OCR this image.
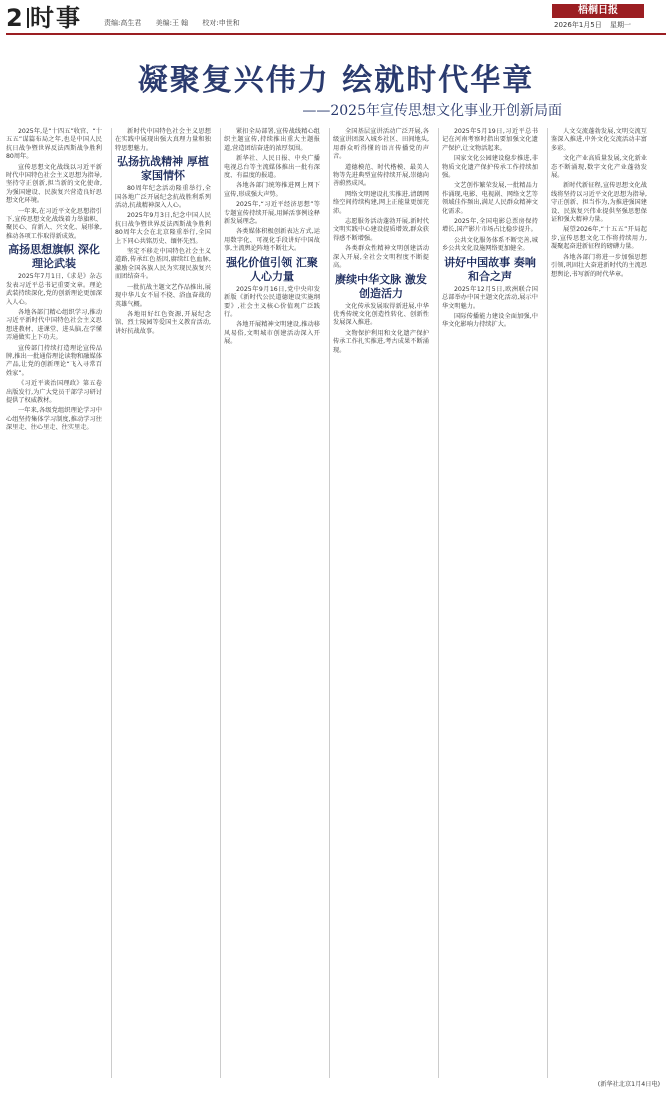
2 时事	责编:高生君 美编:王 翰 校对:申世和
梧桐日报
2026年1月5日 星期一
凝聚复兴伟力 绘就时代华章
——2025年宣传思想文化事业开创新局面

2025年,是“十四五”收官、“十五五”谋篇布局之年,也是中国人民抗日战争暨世界反法西斯战争胜利80周年。

宣传思想文化战线以习近平新时代中国特色社会主义思想为指导,坚持守正创新,担当新的文化使命,为强国建设、民族复兴营造良好思想文化环境。

一年来,在习近平文化思想指引下,宣传思想文化战线着力举旗帜、聚民心、育新人、兴文化、展形象,推动各项工作取得新成效。

高扬思想旗帜 深化理论武装

2025年7月1日,《求是》杂志发表习近平总书记重要文章。理论武装持续深化,党的创新理论更加深入人心。

各地各部门精心组织学习,推动习近平新时代中国特色社会主义思想进教材、进课堂、进头脑,在学懂弄通做实上下功夫。

宣传部门持续打造理论宣传品牌,推出一批通俗理论读物和融媒体产品,让党的创新理论“飞入寻常百姓家”。

《习近平谈治国理政》第五卷出版发行,为广大党员干部学习研讨提供了权威教材。

一年来,各级党组织理论学习中心组坚持集体学习制度,推动学习往深里走、往心里走、往实里走。

新时代中国特色社会主义思想在实践中展现出强大真理力量和独特思想魅力。

弘扬抗战精神 厚植家国情怀

80周年纪念活动隆重举行,全国各地广泛开展纪念抗战胜利系列活动,抗战精神深入人心。

2025年9月3日,纪念中国人民抗日战争暨世界反法西斯战争胜利80周年大会在北京隆重举行,全国上下同心共铭历史、缅怀先烈。

坚定不移走中国特色社会主义道路,传承红色基因,赓续红色血脉,激励全国各族人民为实现民族复兴而团结奋斗。

一批抗战主题文艺作品推出,展现中华儿女不屈不挠、浴血奋战的英雄气概。

各地用好红色资源,开展纪念馆、烈士陵园等爱国主义教育活动,讲好抗战故事。

紧扣全局部署,宣传战线精心组织主题宣传,持续推出重大主题报道,营造团结奋进的浓厚氛围。

新华社、人民日报、中央广播电视总台等主流媒体推出一批有深度、有温度的报道。

各地各部门统筹推进网上网下宣传,形成强大声势。

2025年,“习近平经济思想”等专题宣传持续开展,用鲜活事例诠释新发展理念。

各类媒体积极创新表达方式,运用数字化、可视化手段讲好中国故事,主流舆论阵地不断壮大。

强化价值引领 汇聚人心力量

2025年9月16日,党中央印发新版《新时代公民道德建设实施纲要》,社会主义核心价值观广泛践行。

各地开展精神文明建设,推动移风易俗,文明城市创建活动深入开展。

全国基层宣讲活动广泛开展,各级宣讲团深入城乡社区、田间地头,用群众听得懂的语言传播党的声音。

道德模范、时代楷模、最美人物等先进典型宣传持续开展,崇德向善蔚然成风。

网络文明建设扎实推进,清朗网络空间持续构建,网上正能量更加充沛。

志愿服务活动蓬勃开展,新时代文明实践中心建设提质增效,群众获得感不断增强。

各类群众性精神文明创建活动深入开展,全社会文明程度不断提高。

赓续中华文脉 激发创造活力

文化传承发展取得新进展,中华优秀传统文化创造性转化、创新性发展深入推进。

文物保护利用和文化遗产保护传承工作扎实推进,考古成果不断涌现。

2025年5月19日,习近平总书记在河南考察时指出要加强文化遗产保护,让文物活起来。

国家文化公园建设稳步推进,非物质文化遗产保护传承工作持续加强。

文艺创作繁荣发展,一批精品力作涌现,电影、电视剧、网络文艺等领域佳作频出,满足人民群众精神文化需求。

2025年,全国电影总票房保持增长,国产影片市场占比稳步提升。

公共文化服务体系不断完善,城乡公共文化设施网络更加健全。

讲好中国故事 奏响和合之声

2025年12月5日,欧洲联合国总部举办中国主题文化活动,展示中华文明魅力。

国际传播能力建设全面加强,中华文化影响力持续扩大。

人文交流蓬勃发展,文明交流互鉴深入推进,中外文化交流活动丰富多彩。

文化产业高质量发展,文化新业态不断涌现,数字文化产业蓬勃发展。

新时代新征程,宣传思想文化战线将坚持以习近平文化思想为指导,守正创新、担当作为,为推进强国建设、民族复兴伟业提供坚强思想保证和强大精神力量。

展望2026年,“十五五”开局起步,宣传思想文化工作将持续用力,凝聚起奋进新征程的磅礴力量。

各地各部门将进一步加强思想引领,巩固壮大奋进新时代的主流思想舆论,书写新的时代华章。

(新华社北京1月4日电)
